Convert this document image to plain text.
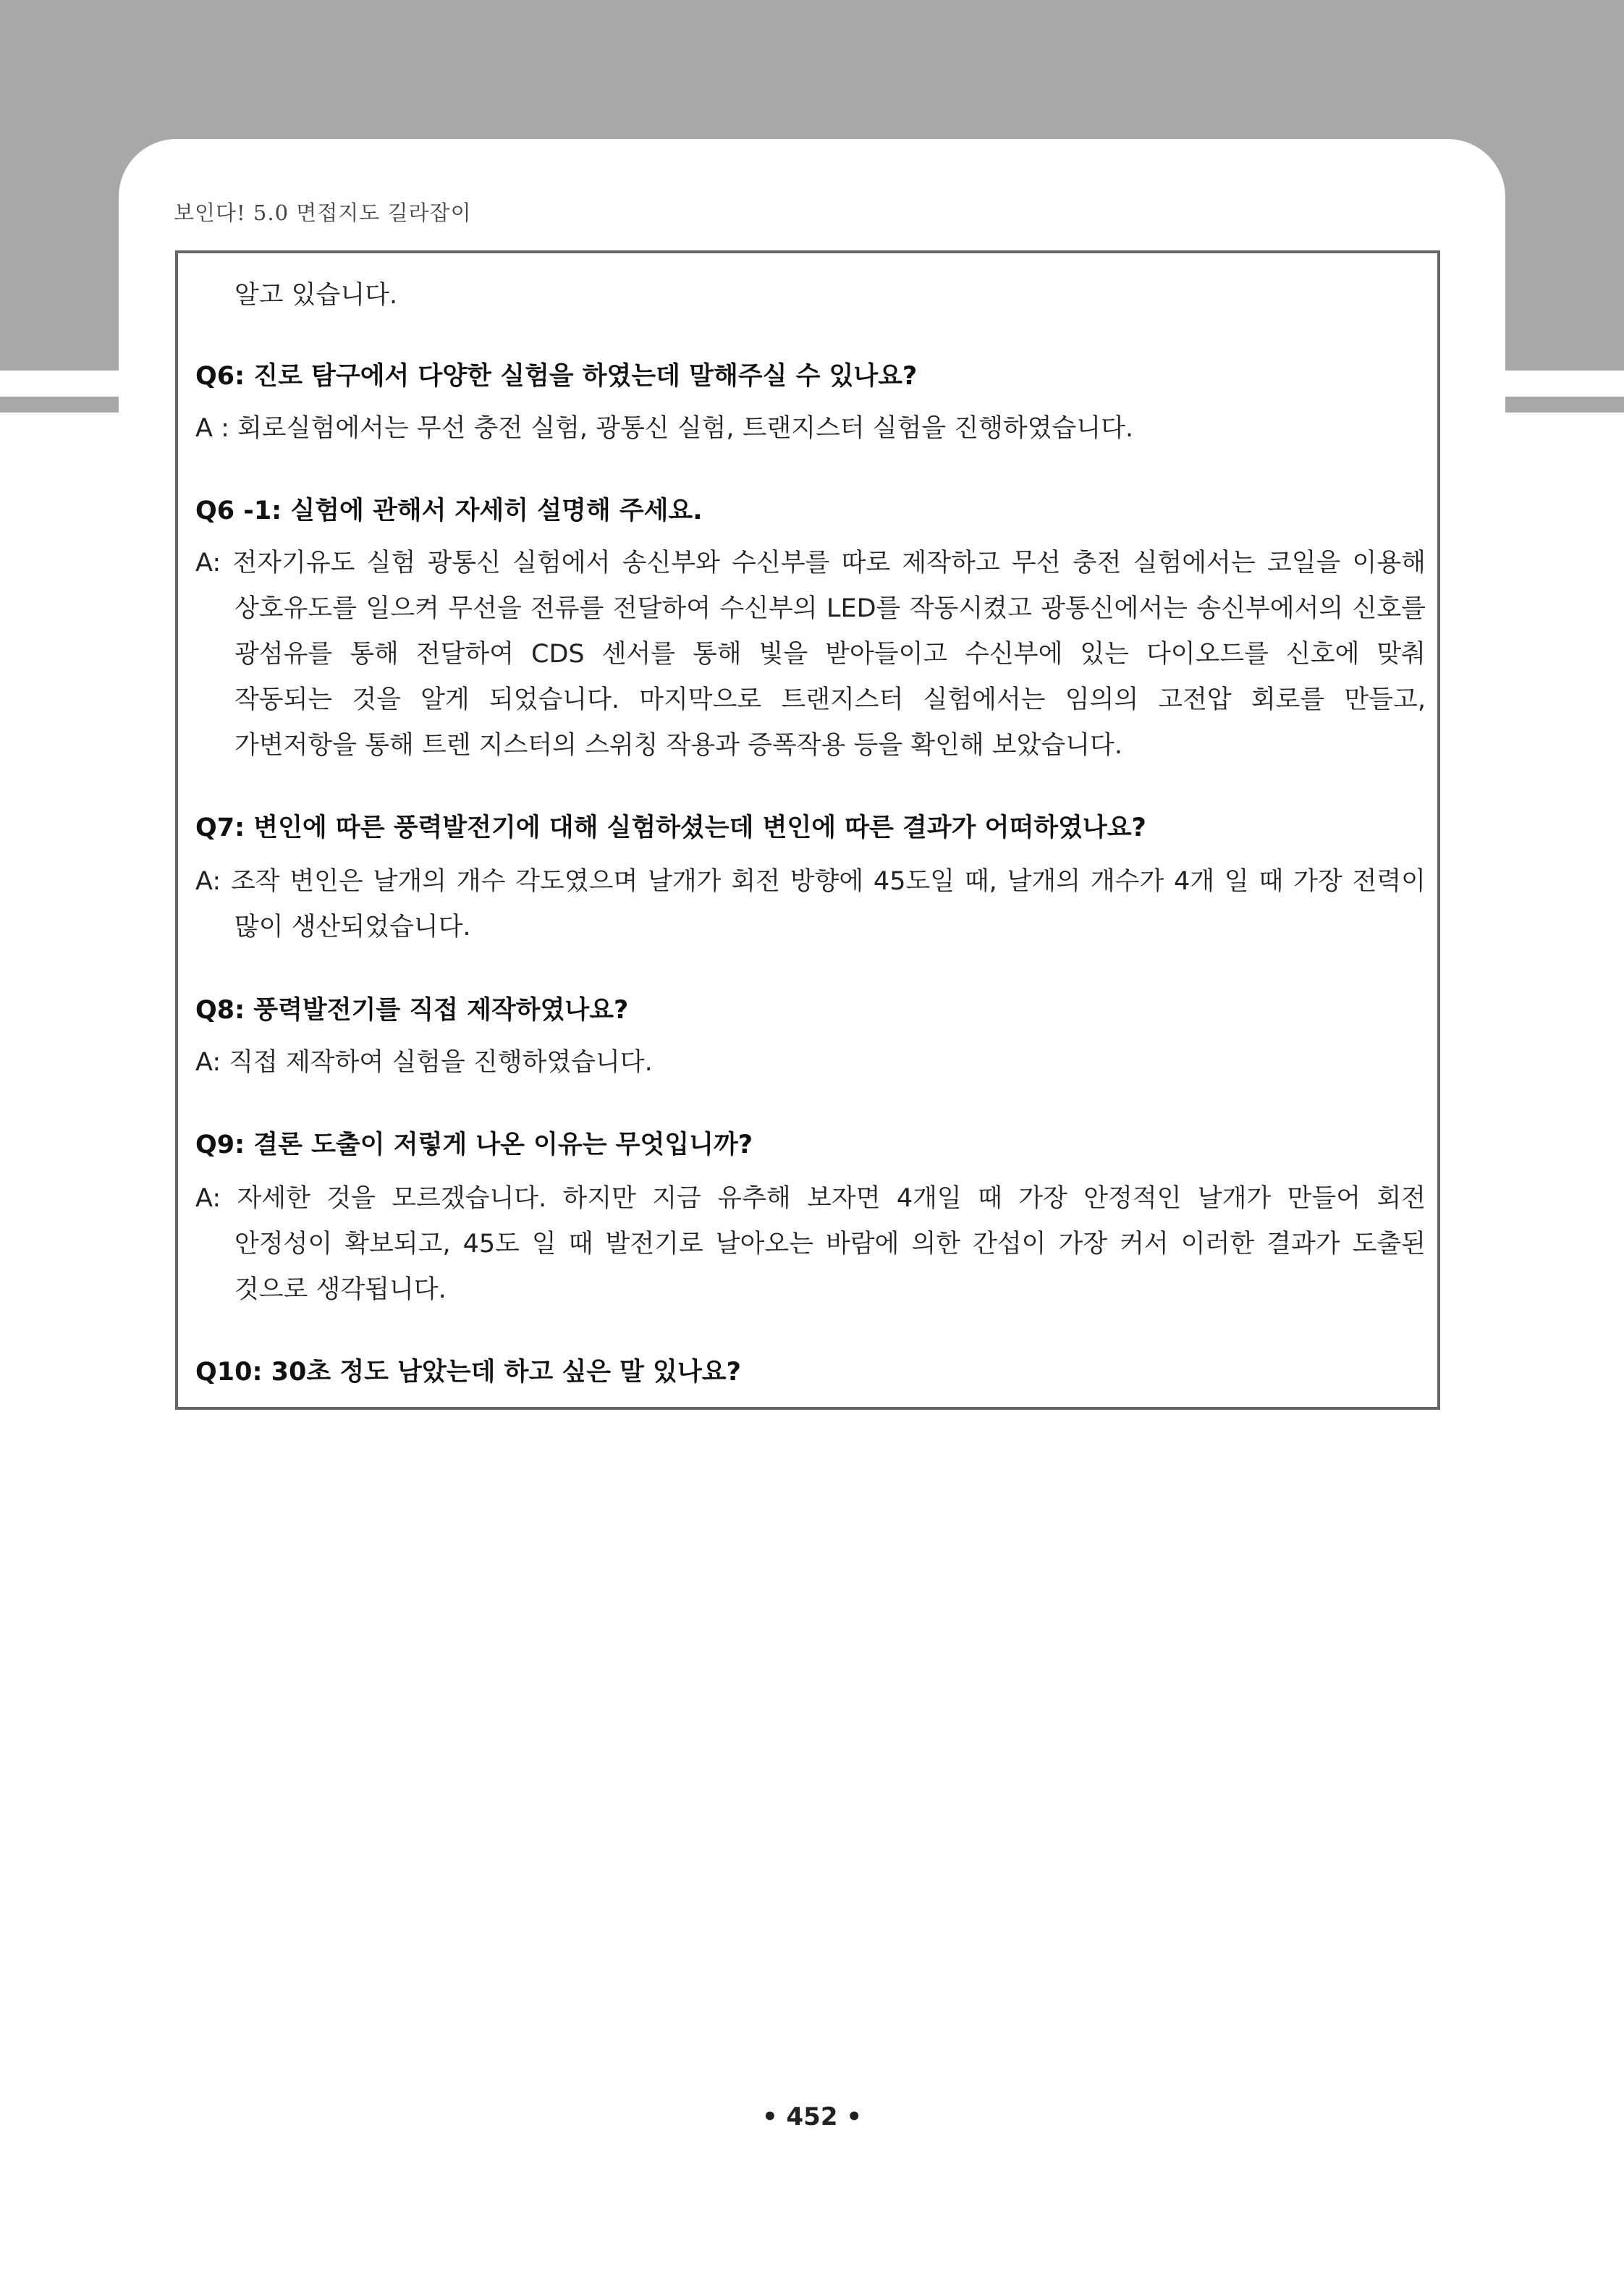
보인다! 5.0 면접지도 길라잡이
알고 있습니다.
Q6: 진로 탐구에서 다양한 실험을 하였는데 말해주실 수 있나요?
A : 회로실험에서는 무선 충전 실험, 광통신 실험, 트랜지스터 실험을 진행하였습니다.
Q6 -1: 실험에 관해서 자세히 설명해 주세요.
A: 전자기유도 실험 광통신 실험에서 송신부와 수신부를 따로 제작하고 무선 충전 실험에서는 코일을 이용해
상호유도를 일으켜 무선을 전류를 전달하여 수신부의 LED를 작동시켰고 광통신에서는 송신부에서의 신호를
광섬유를 통해 전달하여 CDS 센서를 통해 빛을 받아들이고 수신부에 있는 다이오드를 신호에 맞춰
작동되는 것을 알게 되었습니다. 마지막으로 트랜지스터 실험에서는 임의의 고전압 회로를 만들고,
가변저항을 통해 트렌 지스터의 스위칭 작용과 증폭작용 등을 확인해 보았습니다.
Q7: 변인에 따른 풍력발전기에 대해 실험하셨는데 변인에 따른 결과가 어떠하였나요?
A: 조작 변인은 날개의 개수 각도였으며 날개가 회전 방향에 45도일 때, 날개의 개수가 4개 일 때 가장 전력이
많이 생산되었습니다.
Q8: 풍력발전기를 직접 제작하였나요?
A: 직접 제작하여 실험을 진행하였습니다.
Q9: 결론 도출이 저렇게 나온 이유는 무엇입니까?
A: 자세한 것을 모르겠습니다. 하지만 지금 유추해 보자면 4개일 때 가장 안정적인 날개가 만들어 회전
안정성이 확보되고, 45도 일 때 발전기로 날아오는 바람에 의한 간섭이 가장 커서 이러한 결과가 도출된
것으로 생각됩니다.
Q10: 30초 정도 남았는데 하고 싶은 말 있나요?
• 452 •
